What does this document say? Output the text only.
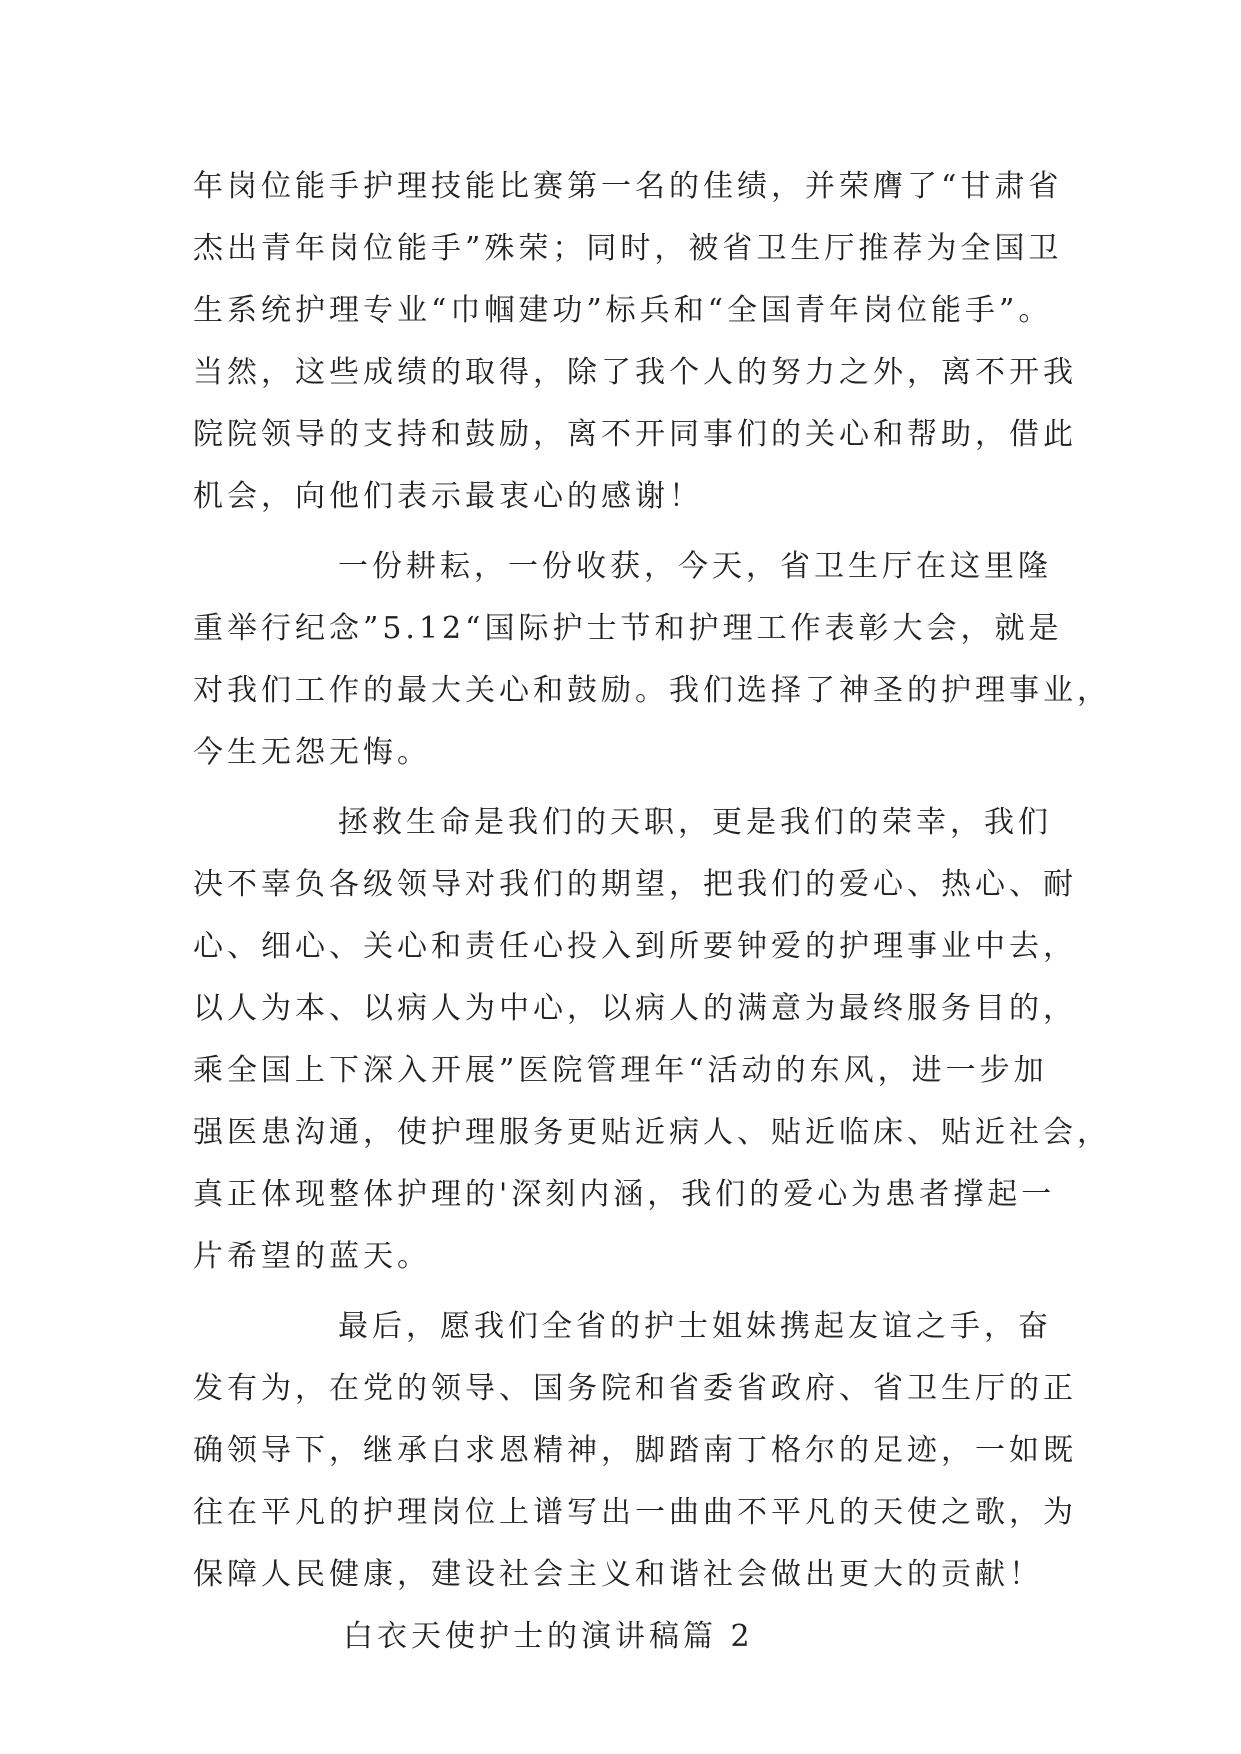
年岗位能手护理技能比赛第一名的佳绩，并荣膺了“甘肃省
杰出青年岗位能手”殊荣；同时，被省卫生厅推荐为全国卫
生系统护理专业“巾帼建功”标兵和“全国青年岗位能手”。
当然，这些成绩的取得，除了我个人的努力之外，离不开我
院院领导的支持和鼓励，离不开同事们的关心和帮助，借此
机会，向他们表示最衷心的感谢！
一份耕耘，一份收获，今天，省卫生厅在这里隆
重举行纪念”5.12“国际护士节和护理工作表彰大会，就是
对我们工作的最大关心和鼓励。我们选择了神圣的护理事业，
今生无怨无悔。
拯救生命是我们的天职，更是我们的荣幸，我们
决不辜负各级领导对我们的期望，把我们的爱心、热心、耐
心、细心、关心和责任心投入到所要钟爱的护理事业中去，
以人为本、以病人为中心，以病人的满意为最终服务目的，
乘全国上下深入开展”医院管理年“活动的东风，进一步加
强医患沟通，使护理服务更贴近病人、贴近临床、贴近社会，
真正体现整体护理的'深刻内涵，我们的爱心为患者撑起一
片希望的蓝天。
最后，愿我们全省的护士姐妹携起友谊之手，奋
发有为，在党的领导、国务院和省委省政府、省卫生厅的正
确领导下，继承白求恩精神，脚踏南丁格尔的足迹，一如既
往在平凡的护理岗位上谱写出一曲曲不平凡的天使之歌，为
保障人民健康，建设社会主义和谐社会做出更大的贡献！
白衣天使护士的演讲稿篇 2
